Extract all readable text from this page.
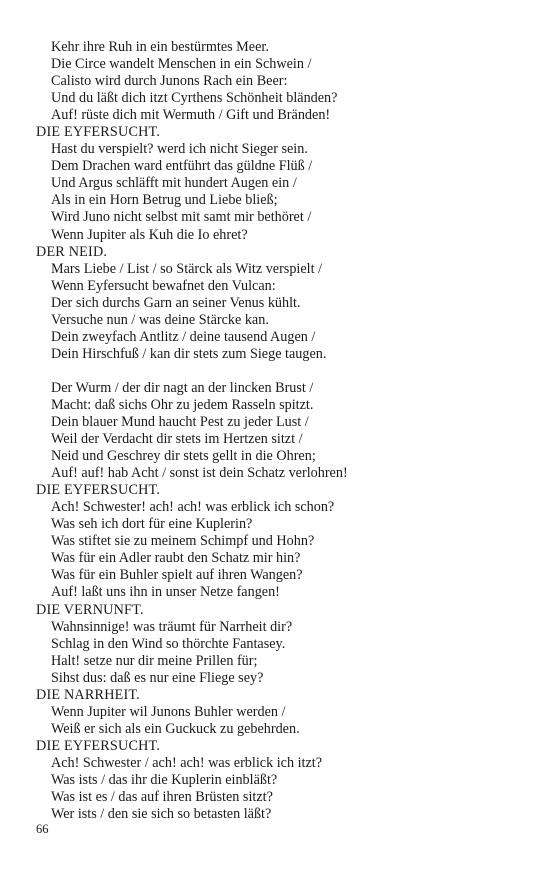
Kehr ihre Ruh in ein bestürmtes Meer.
Die Circe wandelt Menschen in ein Schwein /
Calisto wird durch Junons Rach ein Beer:
Und du läßt dich itzt Cyrthens Schönheit bländen?
Auf! rüste dich mit Wermuth / Gift und Bränden!
DIE EYFERSUCHT.
Hast du verspielt? werd ich nicht Sieger sein.
Dem Drachen ward entführt das güldne Flüß /
Und Argus schläfft mit hundert Augen ein /
Als in ein Horn Betrug und Liebe bließ;
Wird Juno nicht selbst mit samt mir bethöret /
Wenn Jupiter als Kuh die Io ehret?
DER NEID.
Mars Liebe / List / so Stärck als Witz verspielt /
Wenn Eyfersucht bewafnet den Vulcan:
Der sich durchs Garn an seiner Venus kühlt.
Versuche nun / was deine Stärcke kan.
Dein zweyfach Antlitz / deine tausend Augen /
Dein Hirschfuß / kan dir stets zum Siege taugen.
Der Wurm / der dir nagt an der lincken Brust /
Macht: daß sichs Ohr zu jedem Rasseln spitzt.
Dein blauer Mund haucht Pest zu jeder Lust /
Weil der Verdacht dir stets im Hertzen sitzt /
Neid und Geschrey dir stets gellt in die Ohren;
Auf! auf! hab Acht / sonst ist dein Schatz verlohren!
DIE EYFERSUCHT.
Ach! Schwester! ach! ach! was erblick ich schon?
Was seh ich dort für eine Kuplerin?
Was stiftet sie zu meinem Schimpf und Hohn?
Was für ein Adler raubt den Schatz mir hin?
Was für ein Buhler spielt auf ihren Wangen?
Auf! laßt uns ihn in unser Netze fangen!
DIE VERNUNFT.
Wahnsinnige! was träumt für Narrheit dir?
Schlag in den Wind so thörchte Fantasey.
Halt! setze nur dir meine Prillen für;
Sihst dus: daß es nur eine Fliege sey?
DIE NARRHEIT.
Wenn Jupiter wil Junons Buhler werden /
Weiß er sich als ein Guckuck zu gebehrden.
DIE EYFERSUCHT.
Ach! Schwester / ach! ach! was erblick ich itzt?
Was ists / das ihr die Kuplerin einbläßt?
Was ist es / das auf ihren Brüsten sitzt?
Wer ists / den sie sich so betasten läßt?
66
